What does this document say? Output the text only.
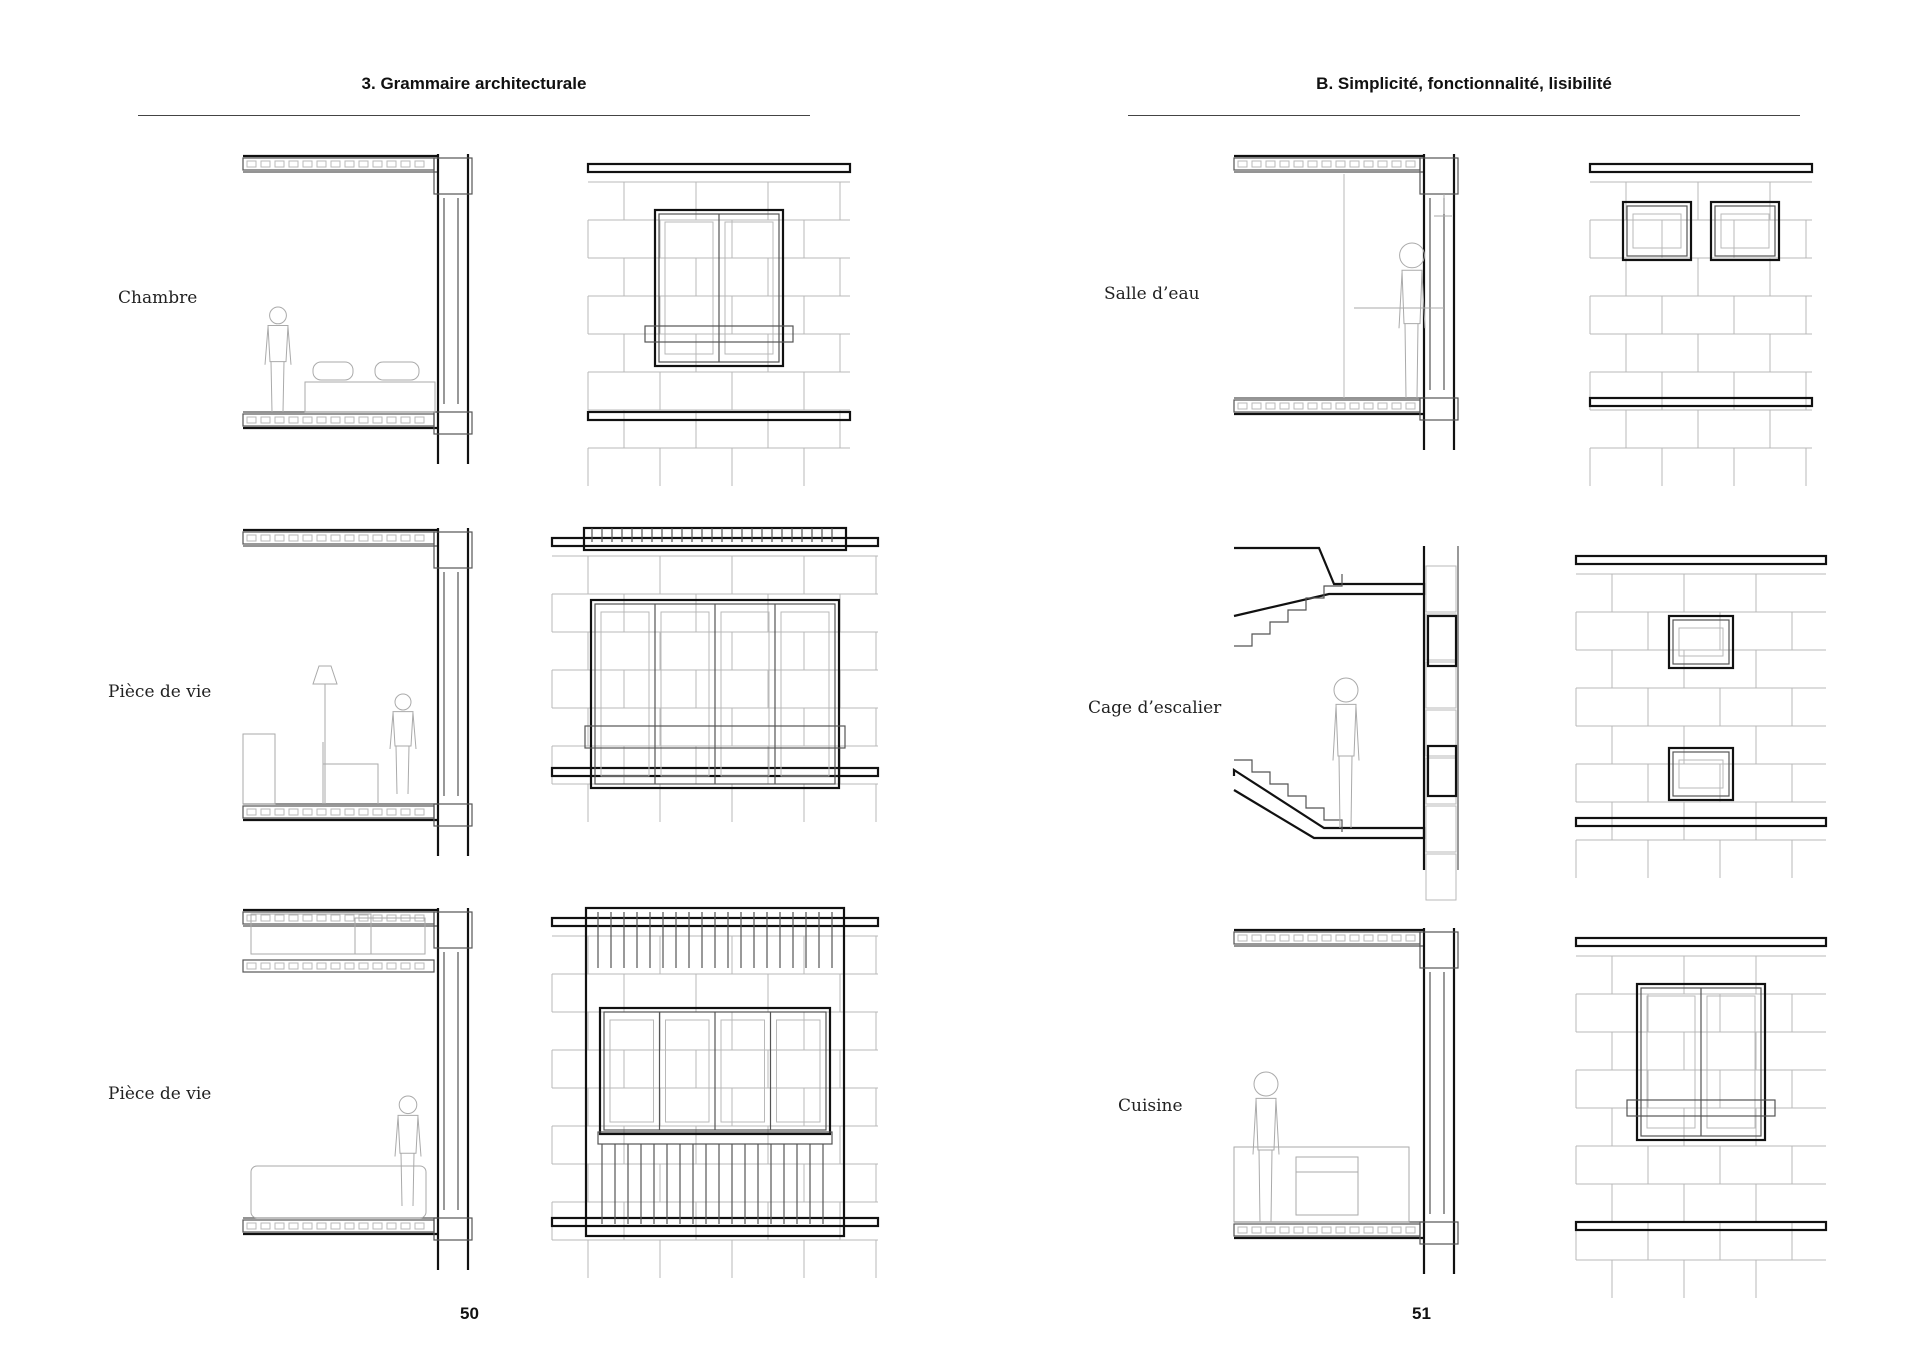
3. Grammaire architecturale
Chambre
Pièce de vie
Pièce de vie
50
B. Simplicité, fonctionnalité, lisibilité
Salle d’eau
Cage d’escalier
Cuisine
51
